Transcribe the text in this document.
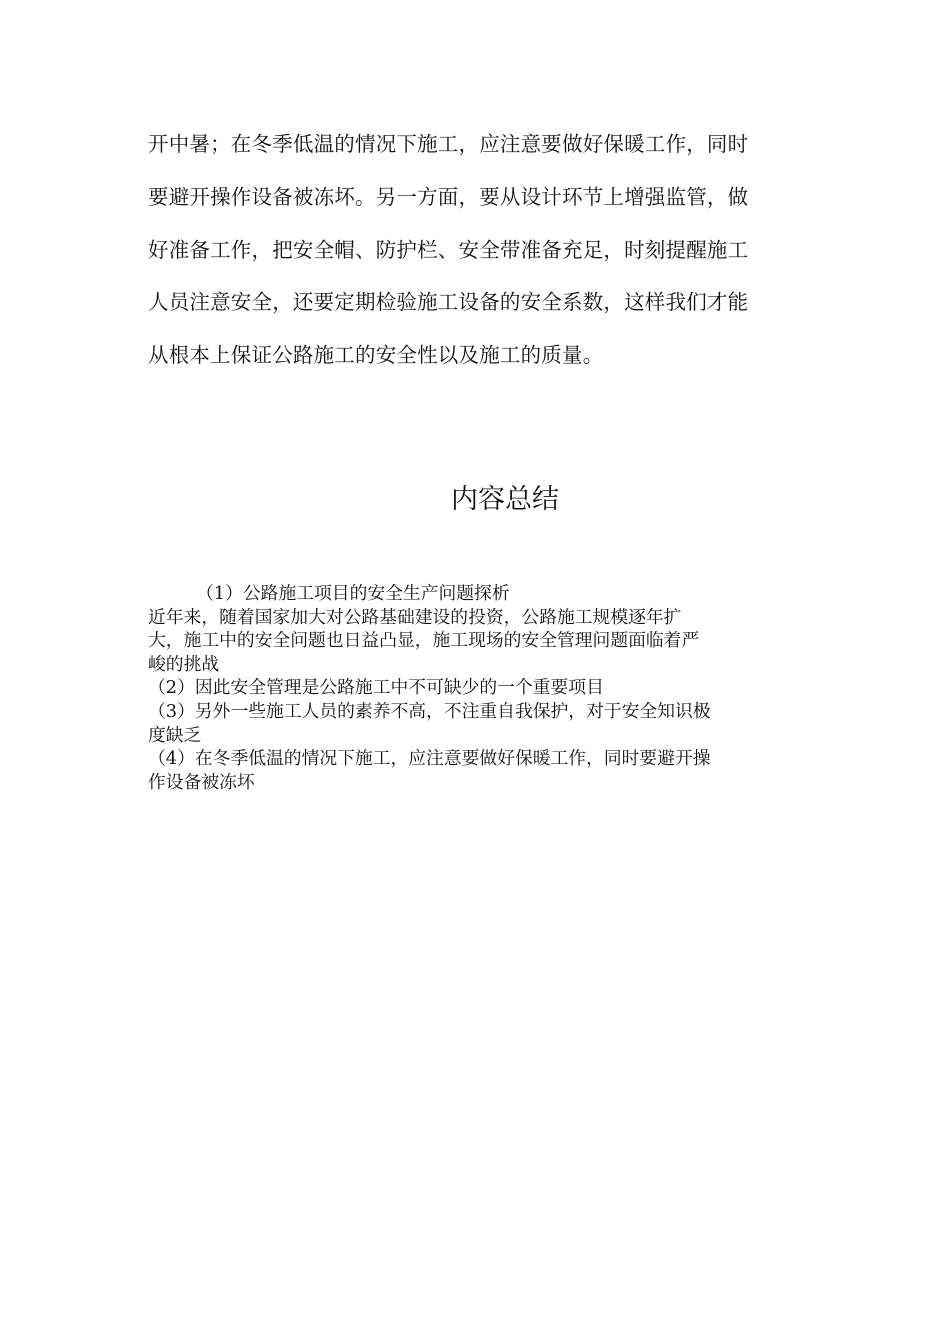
开中暑；在冬季低温的情况下施工，应注意要做好保暖工作，同时
要避开操作设备被冻坏。另一方面，要从设计环节上增强监管，做
好准备工作，把安全帽、防护栏、安全带准备充足，时刻提醒施工
人员注意安全，还要定期检验施工设备的安全系数，这样我们才能
从根本上保证公路施工的安全性以及施工的质量。
内容总结
（1）公路施工项目的安全生产问题探析
近年来，随着国家加大对公路基础建设的投资，公路施工规模逐年扩
大，施工中的安全问题也日益凸显，施工现场的安全管理问题面临着严
峻的挑战
（2）因此安全管理是公路施工中不可缺少的一个重要项目
（3）另外一些施工人员的素养不高，不注重自我保护，对于安全知识极
度缺乏
（4）在冬季低温的情况下施工，应注意要做好保暖工作，同时要避开操
作设备被冻坏
